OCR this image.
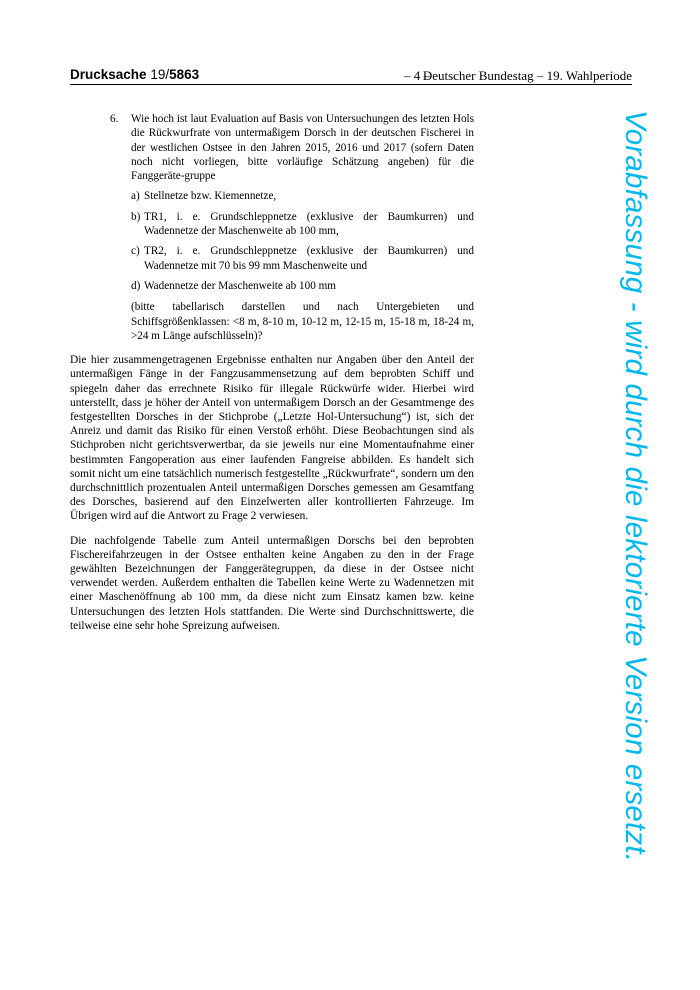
Drucksache 19/5863	– 4 –
Deutscher Bundestag – 19. Wahlperiode
6. Wie hoch ist laut Evaluation auf Basis von Untersuchungen des letzten Hols die Rückwurfrate von untermaßigem Dorsch in der deutschen Fischerei in der westlichen Ostsee in den Jahren 2015, 2016 und 2017 (sofern Daten noch nicht vorliegen, bitte vorläufige Schätzung angeben) für die Fanggeräte-gruppe
a) Stellnetze bzw. Kiemennetze,
b) TR1, i. e. Grundschleppnetze (exklusive der Baumkurren) und Wadennetze der Maschenweite ab 100 mm,
c) TR2, i. e. Grundschleppnetze (exklusive der Baumkurren) und Wadennetze mit 70 bis 99 mm Maschenweite und
d) Wadennetze der Maschenweite ab 100 mm
(bitte tabellarisch darstellen und nach Untergebieten und Schiffsgrößenklassen: <8 m, 8-10 m, 10-12 m, 12-15 m, 15-18 m, 18-24 m, >24 m Länge aufschlüsseln)?

Die hier zusammengetragenen Ergebnisse enthalten nur Angaben über den Anteil der untermaßigen Fänge in der Fangzusammensetzung auf dem beprobten Schiff und spiegeln daher das errechnete Risiko für illegale Rückwürfe wider. Hierbei wird unterstellt, dass je höher der Anteil von untermaßigem Dorsch an der Gesamtmenge des festgestellten Dorsches in der Stichprobe („Letzte Hol-Untersuchung“) ist, sich der Anreiz und damit das Risiko für einen Verstoß erhöht. Diese Beobachtungen sind als Stichproben nicht gerichtsverwertbar, da sie jeweils nur eine Momentaufnahme einer bestimmten Fangoperation aus einer laufenden Fangreise abbilden. Es handelt sich somit nicht um eine tatsächlich numerisch festgestellte „Rückwurfrate“, sondern um den durchschnittlich prozentualen Anteil untermaßigen Dorsches gemessen am Gesamtfang des Dorsches, basierend auf den Einzelwerten aller kontrollierten Fahrzeuge. Im Übrigen wird auf die Antwort zu Frage 2 verwiesen.

Die nachfolgende Tabelle zum Anteil untermaßigen Dorschs bei den beprobten Fischereifahrzeugen in der Ostsee enthalten keine Angaben zu den in der Frage gewählten Bezeichnungen der Fanggerätegruppen, da diese in der Ostsee nicht verwendet werden. Außerdem enthalten die Tabellen keine Werte zu Wadennetzen mit einer Maschenöffnung ab 100 mm, da diese nicht zum Einsatz kamen bzw. keine Untersuchungen des letzten Hols stattfanden. Die Werte sind Durchschnittswerte, die teilweise eine sehr hohe Spreizung aufweisen.	Vorabfassung - wird durch die lektorierte Version ersetzt.
